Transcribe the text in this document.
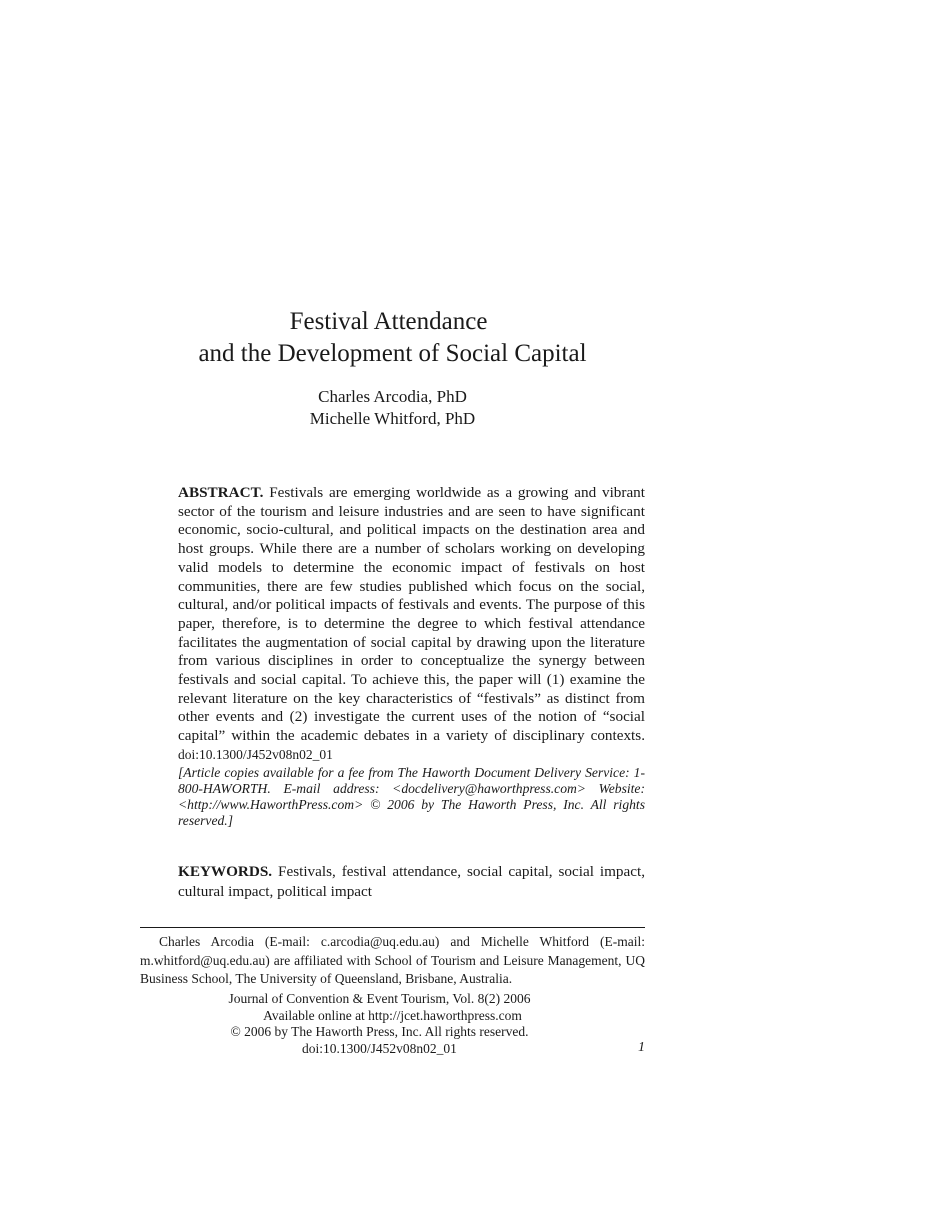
Festival Attendance
and the Development of Social Capital
Charles Arcodia, PhD
Michelle Whitford, PhD

ABSTRACT. Festivals are emerging worldwide as a growing and vibrant sector of the tourism and leisure industries and are seen to have significant economic, socio-cultural, and political impacts on the destination area and host groups. While there are a number of scholars working on developing valid models to determine the economic impact of festivals on host communities, there are few studies published which focus on the social, cultural, and/or political impacts of festivals and events. The purpose of this paper, therefore, is to determine the degree to which festival attendance facilitates the augmentation of social capital by drawing upon the literature from various disciplines in order to conceptualize the synergy between festivals and social capital. To achieve this, the paper will (1) examine the relevant literature on the key characteristics of “festivals” as distinct from other events and (2) investigate the current uses of the notion of “social capital” within the academic debates in a variety of disciplinary contexts. doi:10.1300/J452v08n02_01
[Article copies available for a fee from The Haworth Document Delivery Service: 1-800-HAWORTH. E-mail address: <docdelivery@haworthpress.com> Website: <http://www.HaworthPress.com> © 2006 by The Haworth Press, Inc. All rights reserved.]

KEYWORDS. Festivals, festival attendance, social capital, social impact, cultural impact, political impact

Charles Arcodia (E-mail: c.arcodia@uq.edu.au) and Michelle Whitford (E-mail: m.whitford@uq.edu.au) are affiliated with School of Tourism and Leisure Management, UQ Business School, The University of Queensland, Brisbane, Australia.

Journal of Convention & Event Tourism, Vol. 8(2) 2006
Available online at http://jcet.haworthpress.com
© 2006 by The Haworth Press, Inc. All rights reserved.
doi:10.1300/J452v08n02_01	1
